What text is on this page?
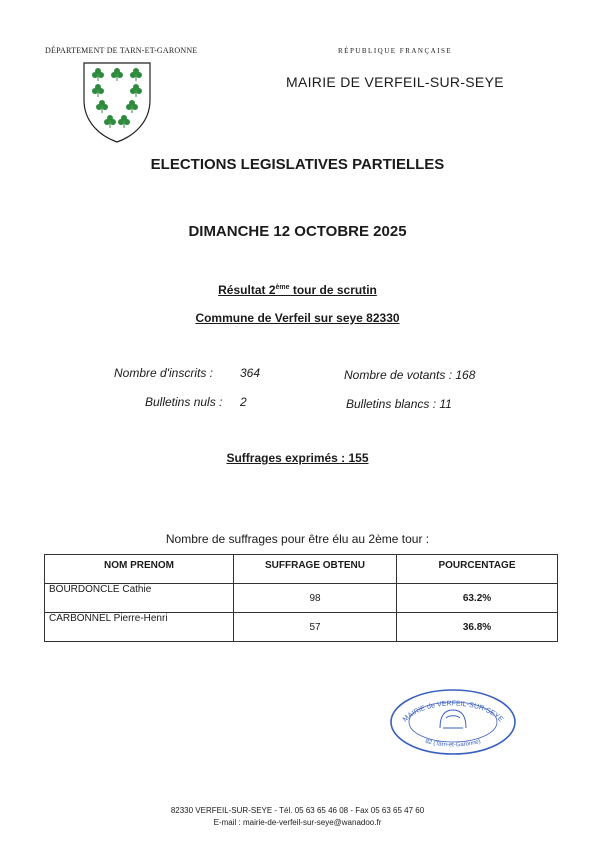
DÉPARTEMENT DE TARN-ET-GARONNE	RÉPUBLIQUE FRANÇAISE
MAIRIE DE VERFEIL-SUR-SEYE
ELECTIONS LEGISLATIVES PARTIELLES
DIMANCHE 12 OCTOBRE 2025
Résultat 2ème tour de scrutin
Commune de Verfeil sur seye 82330
Nombre d'inscrits : 364	Nombre de votants : 168
Bulletins nuls : 2	Bulletins blancs : 11
Suffrages exprimés : 155
Nombre de suffrages pour être élu au 2ème tour :
NOM PRENOM	SUFFRAGE OBTENU	POURCENTAGE
BOURDONCLE Cathie	98	63.2%
CARBONNEL Pierre-Henri	57	36.8%
MAIRIE de VERFEIL-SUR-SEYE
82 (Tarn-et-Garonne)
82330 VERFEIL-SUR-SEYE - Tél. 05 63 65 46 08 - Fax 05 63 65 47 60
E-mail : mairie-de-verfeil-sur-seye@wanadoo.fr
